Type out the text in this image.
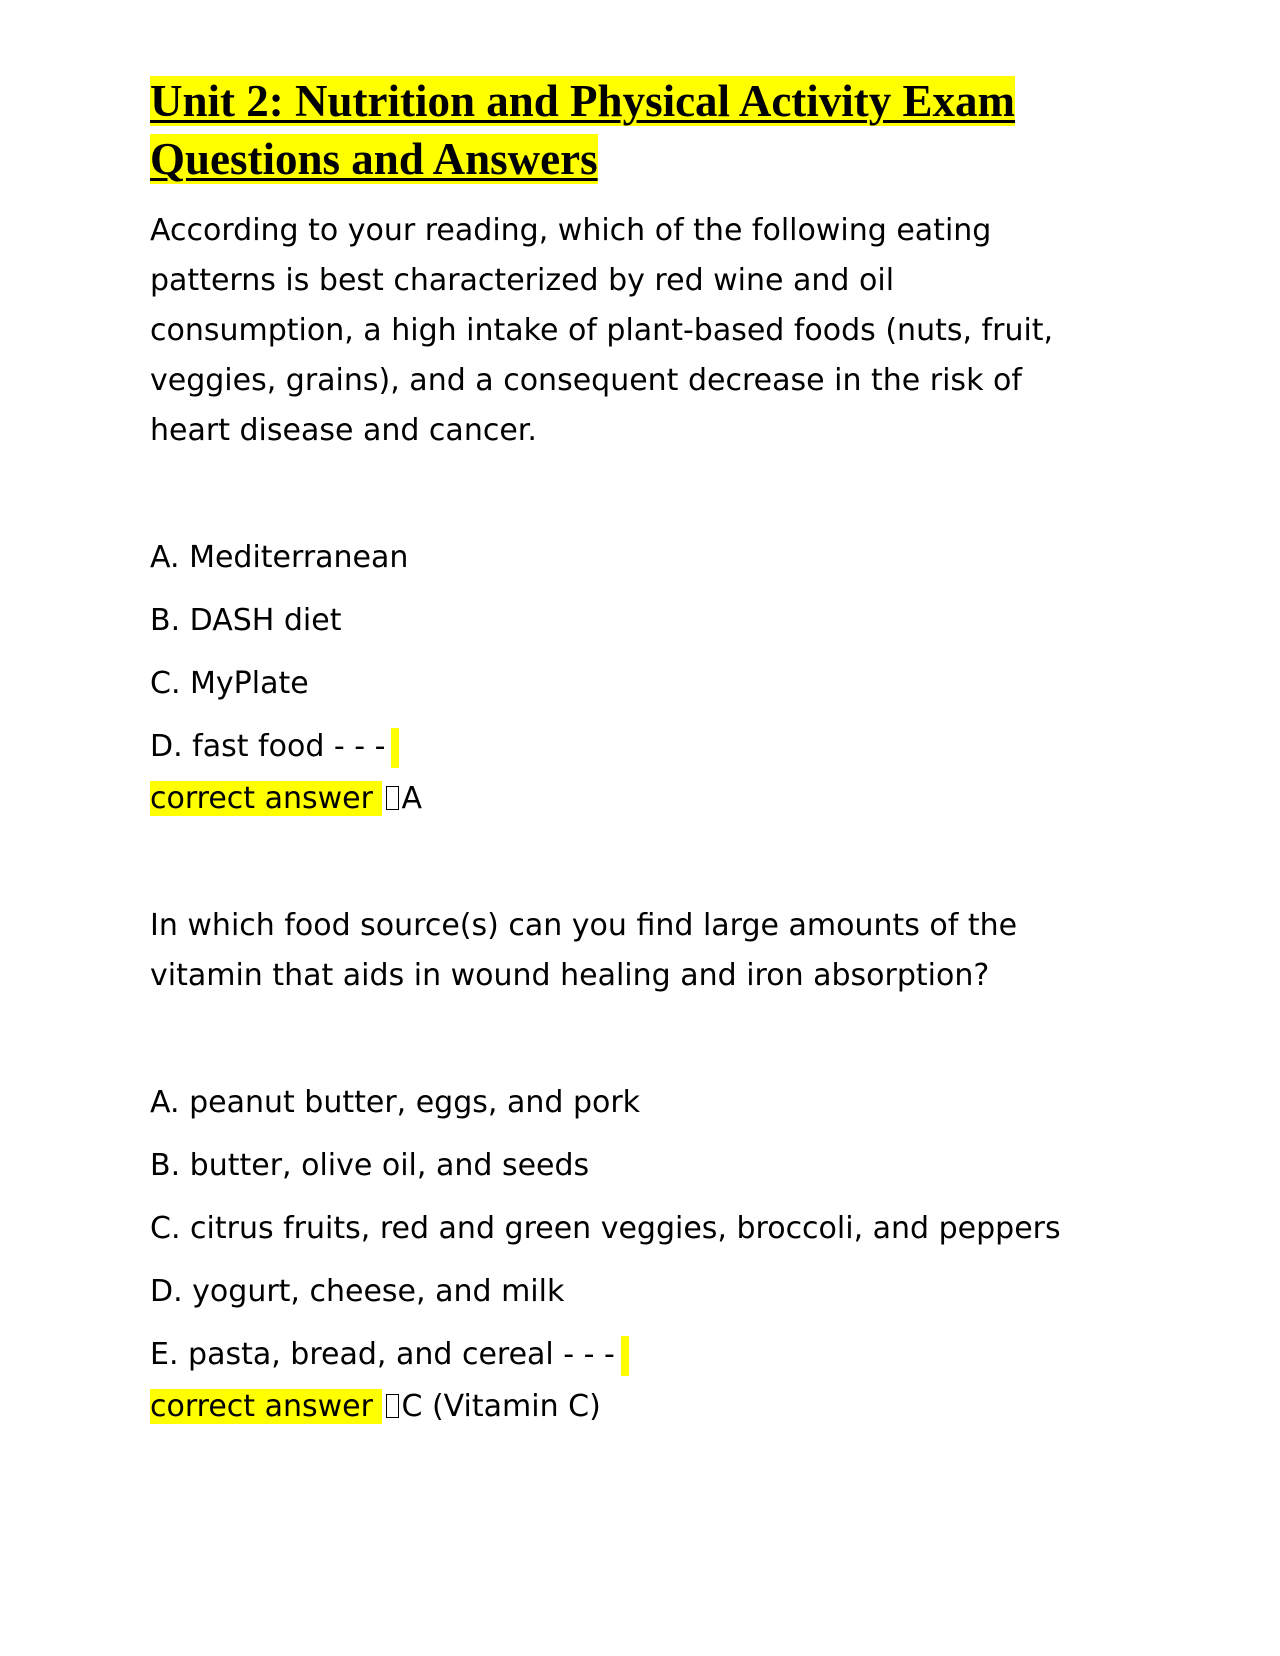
Unit 2: Nutrition and Physical Activity Exam
Questions and Answers

According to your reading, which of the following eating patterns is best characterized by red wine and oil consumption, a high intake of plant-based foods (nuts, fruit, veggies, grains), and a consequent decrease in the risk of heart disease and cancer.

A. Mediterranean

B. DASH diet

C. MyPlate

D. fast food - - -

correct answer A

In which food source(s) can you find large amounts of the vitamin that aids in wound healing and iron absorption?

A. peanut butter, eggs, and pork

B. butter, olive oil, and seeds

C. citrus fruits, red and green veggies, broccoli, and peppers

D. yogurt, cheese, and milk

E. pasta, bread, and cereal - - -

correct answer C (Vitamin C)
